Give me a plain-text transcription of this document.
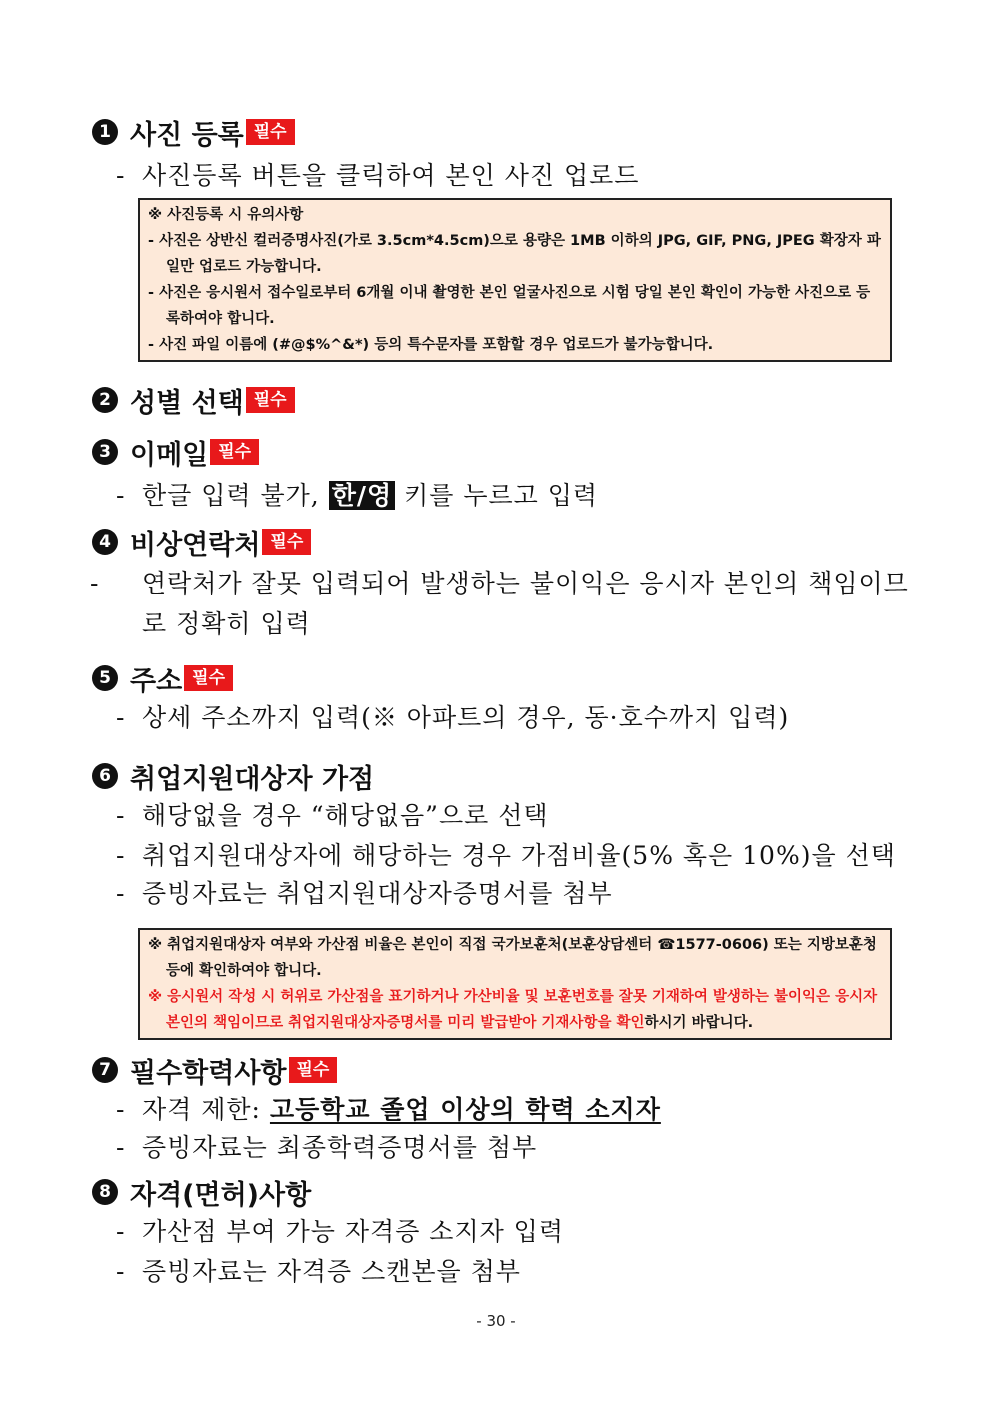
1 사진 등록 필수
- 사진등록 버튼을 클릭하여 본인 사진 업로드
※ 사진등록 시 유의사항
- 사진은 상반신 컬러증명사진(가로 3.5cm*4.5cm)으로 용량은 1MB 이하의 JPG, GIF, PNG, JPEG 확장자 파일만 업로드 가능합니다.
- 사진은 응시원서 접수일로부터 6개월 이내 촬영한 본인 얼굴사진으로 시험 당일 본인 확인이 가능한 사진으로 등록하여야 합니다.
- 사진 파일 이름에 (#@$%^&*) 등의 특수문자를 포함할 경우 업로드가 불가능합니다.
2 성별 선택 필수
3 이메일 필수
- 한글 입력 불가, 한/영 키를 누르고 입력
4 비상연락처 필수
- 연락처가 잘못 입력되어 발생하는 불이익은 응시자 본인의 책임이므로 정확히 입력
5 주소 필수
- 상세 주소까지 입력(※ 아파트의 경우, 동·호수까지 입력)
6 취업지원대상자 가점
- 해당없을 경우 “해당없음”으로 선택
- 취업지원대상자에 해당하는 경우 가점비율(5% 혹은 10%)을 선택
- 증빙자료는 취업지원대상자증명서를 첨부
※ 취업지원대상자 여부와 가산점 비율은 본인이 직접 국가보훈처(보훈상담센터 ☎1577-0606) 또는 지방보훈청 등에 확인하여야 합니다.
※ 응시원서 작성 시 허위로 가산점을 표기하거나 가산비율 및 보훈번호를 잘못 기재하여 발생하는 불이익은 응시자 본인의 책임이므로 취업지원대상자증명서를 미리 발급받아 기재사항을 확인하시기 바랍니다.
7 필수학력사항 필수
- 자격 제한: 고등학교 졸업 이상의 학력 소지자
- 증빙자료는 최종학력증명서를 첨부
8 자격(면허)사항
- 가산점 부여 가능 자격증 소지자 입력
- 증빙자료는 자격증 스캔본을 첨부
- 30 -
